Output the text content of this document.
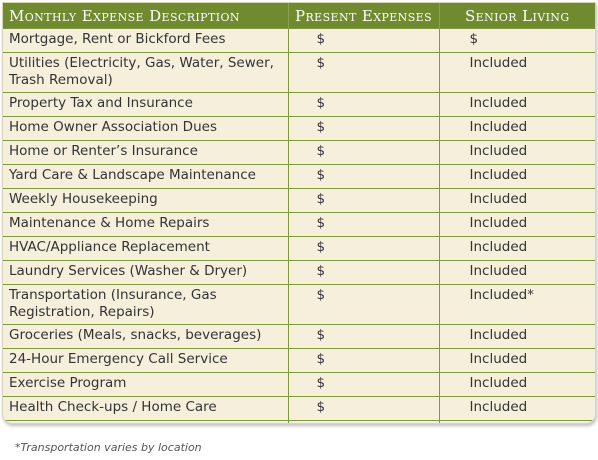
Monthly Expense Description	Present Expenses	Senior Living
Mortgage, Rent or Bickford Fees	$	$
Utilities (Electricity, Gas, Water, Sewer, Trash Removal)	$	Included
Property Tax and Insurance	$	Included
Home Owner Association Dues	$	Included
Home or Renter’s Insurance	$	Included
Yard Care & Landscape Maintenance	$	Included
Weekly Housekeeping	$	Included
Maintenance & Home Repairs	$	Included
HVAC/Appliance Replacement	$	Included
Laundry Services (Washer & Dryer)	$	Included
Transportation (Insurance, Gas Registration, Repairs)	$	Included*
Groceries (Meals, snacks, beverages)	$	Included
24-Hour Emergency Call Service	$	Included
Exercise Program	$	Included
Health Check-ups / Home Care	$	Included

*Transportation varies by location
